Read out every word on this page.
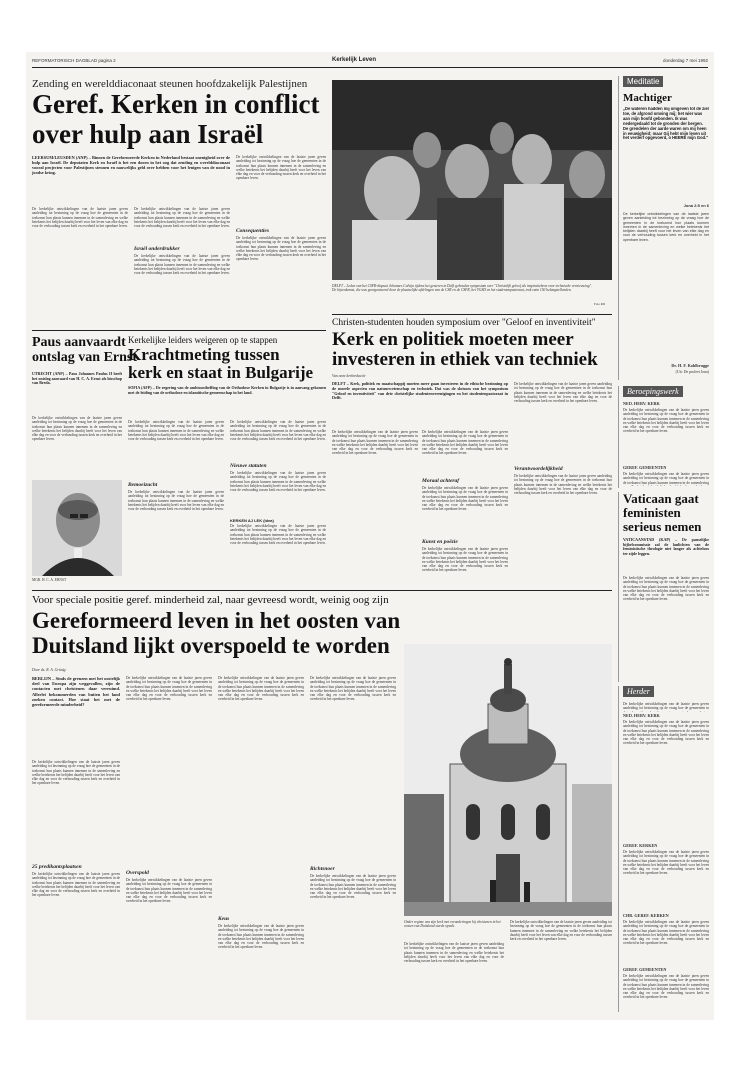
REFORMATORISCH DAGBLAD pagina 2	Kerkelijk Leven	donderdag 7 mei 1992
Zending en werelddiaconaat steunen hoofdzakelijk Palestijnen
Geref. Kerken in conflict
over hulp aan Israël
LEERSUM/LEUSDEN (ANP) – Binnen de Gereformeerde Kerken in Nederland bestaat onenigheid over de hulp aan Israël. De deputaten Kerk en Israël is het een doorn in het oog dat zending en werelddiaconaat vooral projecten voor Palestijnen steunen en nauwelijks geld over hebben voor het lenigen van de nood in joodse kring.
De kerkelijke ontwikkelingen van de laatste jaren geven aanleiding tot bezinning op de vraag hoe de gemeenten in de toekomst hun plaats kunnen innemen in de samenleving en welke betekenis het belijden daarbij heeft voor het leven van elke dag en voor de verhouding tussen kerk en overheid in het openbare leven.
De kerkelijke ontwikkelingen van de laatste jaren geven aanleiding tot bezinning op de vraag hoe de gemeenten in de toekomst hun plaats kunnen innemen in de samenleving en welke betekenis het belijden daarbij heeft voor het leven van elke dag en voor de verhouding tussen kerk en overheid in het openbare leven.
Israël onderdrukker
De kerkelijke ontwikkelingen van de laatste jaren geven aanleiding tot bezinning op de vraag hoe de gemeenten in de toekomst hun plaats kunnen innemen in de samenleving en welke betekenis het belijden daarbij heeft voor het leven van elke dag en voor de verhouding tussen kerk en overheid in het openbare leven.
De kerkelijke ontwikkelingen van de laatste jaren geven aanleiding tot bezinning op de vraag hoe de gemeenten in de toekomst hun plaats kunnen innemen in de samenleving en welke betekenis het belijden daarbij heeft voor het leven van elke dag en voor de verhouding tussen kerk en overheid in het openbare leven.
Consequenties
De kerkelijke ontwikkelingen van de laatste jaren geven aanleiding tot bezinning op de vraag hoe de gemeenten in de toekomst hun plaats kunnen innemen in de samenleving en welke betekenis het belijden daarbij heeft voor het leven van elke dag en voor de verhouding tussen kerk en overheid in het openbare leven.
DELFT – Leden van het CSFR-dispuut Johannes Calvijn tijdens het gesteren in Delft gehouden symposium over "Christelijk geloof als inspiratiebron voor technische vernieuwing". De bijeenkomst, die was georganiseerd door de plaatselijke afdelingen van de CSR en de CSFR, het VGSD en het studentenpastoraat, trok ruim 150 belangstellenden.
Foto RD
Christen-studenten houden symposium over "Geloof en inventiviteit"
Kerk en politiek moeten meer
investeren in ethiek van techniek
Van onze kerkredactie
DELFT – Kerk, politiek en maatschappij moeten meer gaan investeren in de ethische bezinning op de morele aspecten van natuurwetenschap en techniek. Dat was de slotsom van het symposium "Geloof en inventiviteit" van drie christelijke studentenverenigingen en het studentenpastoraat in Delft.
De kerkelijke ontwikkelingen van de laatste jaren geven aanleiding tot bezinning op de vraag hoe de gemeenten in de toekomst hun plaats kunnen innemen in de samenleving en welke betekenis het belijden daarbij heeft voor het leven van elke dag en voor de verhouding tussen kerk en overheid in het openbare leven.
De kerkelijke ontwikkelingen van de laatste jaren geven aanleiding tot bezinning op de vraag hoe de gemeenten in de toekomst hun plaats kunnen innemen in de samenleving en welke betekenis het belijden daarbij heeft voor het leven van elke dag en voor de verhouding tussen kerk en overheid in het openbare leven.
Moraal achteraf
De kerkelijke ontwikkelingen van de laatste jaren geven aanleiding tot bezinning op de vraag hoe de gemeenten in de toekomst hun plaats kunnen innemen in de samenleving en welke betekenis het belijden daarbij heeft voor het leven van elke dag en voor de verhouding tussen kerk en overheid in het openbare leven.
Kunst en poëzie
De kerkelijke ontwikkelingen van de laatste jaren geven aanleiding tot bezinning op de vraag hoe de gemeenten in de toekomst hun plaats kunnen innemen in de samenleving en welke betekenis het belijden daarbij heeft voor het leven van elke dag en voor de verhouding tussen kerk en overheid in het openbare leven.
De kerkelijke ontwikkelingen van de laatste jaren geven aanleiding tot bezinning op de vraag hoe de gemeenten in de toekomst hun plaats kunnen innemen in de samenleving en welke betekenis het belijden daarbij heeft voor het leven van elke dag en voor de verhouding tussen kerk en overheid in het openbare leven.
Verantwoordelijkheid
De kerkelijke ontwikkelingen van de laatste jaren geven aanleiding tot bezinning op de vraag hoe de gemeenten in de toekomst hun plaats kunnen innemen in de samenleving en welke betekenis het belijden daarbij heeft voor het leven van elke dag en voor de verhouding tussen kerk en overheid in het openbare leven.
Paus aanvaardt
ontslag van Ernst
UTRECHT (ANP) – Paus Johannes Paulus II heeft het ontslag aanvaard van H. C. A. Ernst als bisschop van Breda.
De kerkelijke ontwikkelingen van de laatste jaren geven aanleiding tot bezinning op de vraag hoe de gemeenten in de toekomst hun plaats kunnen innemen in de samenleving en welke betekenis het belijden daarbij heeft voor het leven van elke dag en voor de verhouding tussen kerk en overheid in het openbare leven.
MGR. H. C. A. ERNST
Kerkelijke leiders weigeren op te stappen
Krachtmeting tussen
kerk en staat in Bulgarije
SOFIA (AFP) – De regering van de ambtsontheffing van de Orthodoxe Kerken in Bulgarije is in aanvang gekomen met de leiding van de orthodoxe en islamitische gemeenschap in het land.
De kerkelijke ontwikkelingen van de laatste jaren geven aanleiding tot bezinning op de vraag hoe de gemeenten in de toekomst hun plaats kunnen innemen in de samenleving en welke betekenis het belijden daarbij heeft voor het leven van elke dag en voor de verhouding tussen kerk en overheid in het openbare leven.
Bemoeizucht
De kerkelijke ontwikkelingen van de laatste jaren geven aanleiding tot bezinning op de vraag hoe de gemeenten in de toekomst hun plaats kunnen innemen in de samenleving en welke betekenis het belijden daarbij heeft voor het leven van elke dag en voor de verhouding tussen kerk en overheid in het openbare leven.
De kerkelijke ontwikkelingen van de laatste jaren geven aanleiding tot bezinning op de vraag hoe de gemeenten in de toekomst hun plaats kunnen innemen in de samenleving en welke betekenis het belijden daarbij heeft voor het leven van elke dag en voor de verhouding tussen kerk en overheid in het openbare leven.
Nieuwe statuten
De kerkelijke ontwikkelingen van de laatste jaren geven aanleiding tot bezinning op de vraag hoe de gemeenten in de toekomst hun plaats kunnen innemen in de samenleving en welke betekenis het belijden daarbij heeft voor het leven van elke dag en voor de verhouding tussen kerk en overheid in het openbare leven.
KERKEN AJ LEK (Idea)
De kerkelijke ontwikkelingen van de laatste jaren geven aanleiding tot bezinning op de vraag hoe de gemeenten in de toekomst hun plaats kunnen innemen in de samenleving en welke betekenis het belijden daarbij heeft voor het leven van elke dag en voor de verhouding tussen kerk en overheid in het openbare leven.
Voor speciale positie geref. minderheid zal, naar gevreesd wordt, weinig oog zijn
Gereformeerd leven in het oosten van
Duitsland lijkt overspoeld te worden
Door ds. R. A. Grünig
BERLIJN – Sinds de grenzen met het oostelijk deel van Europa zijn weggevallen, zijn de contacten met christenen daar verruimd. Allerlei bekommerden van buiten het land zoeken contact. Hoe staat het met de gereformeerde minderheid?
De kerkelijke ontwikkelingen van de laatste jaren geven aanleiding tot bezinning op de vraag hoe de gemeenten in de toekomst hun plaats kunnen innemen in de samenleving en welke betekenis het belijden daarbij heeft voor het leven van elke dag en voor de verhouding tussen kerk en overheid in het openbare leven.
25 predikantsplaatsen
De kerkelijke ontwikkelingen van de laatste jaren geven aanleiding tot bezinning op de vraag hoe de gemeenten in de toekomst hun plaats kunnen innemen in de samenleving en welke betekenis het belijden daarbij heeft voor het leven van elke dag en voor de verhouding tussen kerk en overheid in het openbare leven.
De kerkelijke ontwikkelingen van de laatste jaren geven aanleiding tot bezinning op de vraag hoe de gemeenten in de toekomst hun plaats kunnen innemen in de samenleving en welke betekenis het belijden daarbij heeft voor het leven van elke dag en voor de verhouding tussen kerk en overheid in het openbare leven.
Overspold
De kerkelijke ontwikkelingen van de laatste jaren geven aanleiding tot bezinning op de vraag hoe de gemeenten in de toekomst hun plaats kunnen innemen in de samenleving en welke betekenis het belijden daarbij heeft voor het leven van elke dag en voor de verhouding tussen kerk en overheid in het openbare leven.
De kerkelijke ontwikkelingen van de laatste jaren geven aanleiding tot bezinning op de vraag hoe de gemeenten in de toekomst hun plaats kunnen innemen in de samenleving en welke betekenis het belijden daarbij heeft voor het leven van elke dag en voor de verhouding tussen kerk en overheid in het openbare leven.
Keus
De kerkelijke ontwikkelingen van de laatste jaren geven aanleiding tot bezinning op de vraag hoe de gemeenten in de toekomst hun plaats kunnen innemen in de samenleving en welke betekenis het belijden daarbij heeft voor het leven van elke dag en voor de verhouding tussen kerk en overheid in het openbare leven.
De kerkelijke ontwikkelingen van de laatste jaren geven aanleiding tot bezinning op de vraag hoe de gemeenten in de toekomst hun plaats kunnen innemen in de samenleving en welke betekenis het belijden daarbij heeft voor het leven van elke dag en voor de verhouding tussen kerk en overheid in het openbare leven.
Richtsnoer
De kerkelijke ontwikkelingen van de laatste jaren geven aanleiding tot bezinning op de vraag hoe de gemeenten in de toekomst hun plaats kunnen innemen in de samenleving en welke betekenis het belijden daarbij heeft voor het leven van elke dag en voor de verhouding tussen kerk en overheid in het openbare leven.
Onder regime van zijn kerk met veranderingen bij christenen in het oosten van Duitsland steeds opvalt.
De kerkelijke ontwikkelingen van de laatste jaren geven aanleiding tot bezinning op de vraag hoe de gemeenten in de toekomst hun plaats kunnen innemen in de samenleving en welke betekenis het belijden daarbij heeft voor het leven van elke dag en voor de verhouding tussen kerk en overheid in het openbare leven.
De kerkelijke ontwikkelingen van de laatste jaren geven aanleiding tot bezinning op de vraag hoe de gemeenten in de toekomst hun plaats kunnen innemen in de samenleving en welke betekenis het belijden daarbij heeft voor het leven van elke dag en voor de verhouding tussen kerk en overheid in het openbare leven.
Meditatie
Machtiger
„De wateren hadden mij omgeven tot de ziel toe, de afgrond omving mij; het wier was aan mijn hoofd gebonden. Ik was nedergedaald tot de gronden der bergen. De grendelen der aarde waren om mij heen in eeuwigheid; maar Gij hebt mijn leven uit het verderf opgevoerd, o HEERE mijn God."
Jona 2:5 en 6
De kerkelijke ontwikkelingen van de laatste jaren geven aanleiding tot bezinning op de vraag hoe de gemeenten in de toekomst hun plaats kunnen innemen in de samenleving en welke betekenis het belijden daarbij heeft voor het leven van elke dag en voor de verhouding tussen kerk en overheid in het openbare leven.
Dr. H. F. Kohlbrugge
(Uit: De profeet Jona)
Beroepingswerk
NED. HERV. KERK
De kerkelijke ontwikkelingen van de laatste jaren geven aanleiding tot bezinning op de vraag hoe de gemeenten in de toekomst hun plaats kunnen innemen in de samenleving en welke betekenis het belijden daarbij heeft voor het leven van elke dag en voor de verhouding tussen kerk en overheid in het openbare leven.
GEREF. GEMEENTEN
De kerkelijke ontwikkelingen van de laatste jaren geven aanleiding tot bezinning op de vraag hoe de gemeenten in de toekomst hun plaats kunnen innemen in de samenleving
Vaticaan gaat
feministen
serieus nemen
VATICAANSTAD (KAP) – De pauselijke bijbelcommissie zal de lanlichten van de feministische theologie niet langer als achteloos ter zijde leggen.
De kerkelijke ontwikkelingen van de laatste jaren geven aanleiding tot bezinning op de vraag hoe de gemeenten in de toekomst hun plaats kunnen innemen in de samenleving en welke betekenis het belijden daarbij heeft voor het leven van elke dag en voor de verhouding tussen kerk en overheid in het openbare leven.
Herder
De kerkelijke ontwikkelingen van de laatste jaren geven aanleiding tot bezinning op de vraag hoe de gemeenten in
NED. HERV. KERK
De kerkelijke ontwikkelingen van de laatste jaren geven aanleiding tot bezinning op de vraag hoe de gemeenten in de toekomst hun plaats kunnen innemen in de samenleving en welke betekenis het belijden daarbij heeft voor het leven van elke dag en voor de verhouding tussen kerk en overheid in het openbare leven.
GEREF. KERKEN
De kerkelijke ontwikkelingen van de laatste jaren geven aanleiding tot bezinning op de vraag hoe de gemeenten in de toekomst hun plaats kunnen innemen in de samenleving en welke betekenis het belijden daarbij heeft voor het leven van elke dag en voor de verhouding tussen kerk en overheid in het openbare leven.
CHR. GEREF. KERKEN
De kerkelijke ontwikkelingen van de laatste jaren geven aanleiding tot bezinning op de vraag hoe de gemeenten in de toekomst hun plaats kunnen innemen in de samenleving en welke betekenis het belijden daarbij heeft voor het leven van elke dag en voor de verhouding tussen kerk en overheid in het openbare leven.
GEREF. GEMEENTEN
De kerkelijke ontwikkelingen van de laatste jaren geven aanleiding tot bezinning op de vraag hoe de gemeenten in de toekomst hun plaats kunnen innemen in de samenleving en welke betekenis het belijden daarbij heeft voor het leven van elke dag en voor de verhouding tussen kerk en overheid in het openbare leven.
